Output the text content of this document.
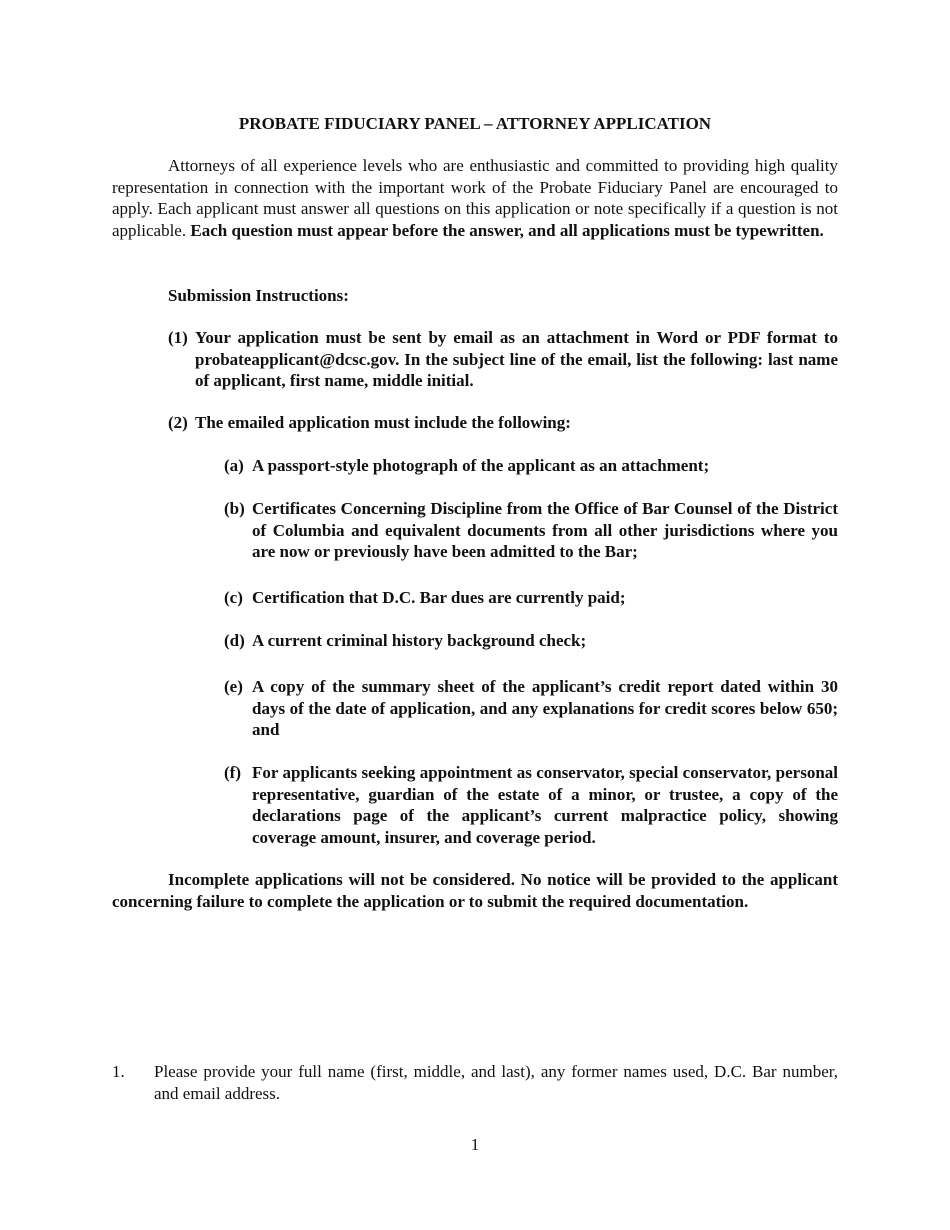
PROBATE FIDUCIARY PANEL – ATTORNEY APPLICATION

Attorneys of all experience levels who are enthusiastic and committed to providing high quality representation in connection with the important work of the Probate Fiduciary Panel are encouraged to apply. Each applicant must answer all questions on this application or note specifically if a question is not applicable. Each question must appear before the answer, and all applications must be typewritten.

Submission Instructions:
(1) Your application must be sent by email as an attachment in Word or PDF format to probateapplicant@dcsc.gov. In the subject line of the email, list the following: last name of applicant, first name, middle initial.
(2) The emailed application must include the following:
(a) A passport-style photograph of the applicant as an attachment;
(b) Certificates Concerning Discipline from the Office of Bar Counsel of the District of Columbia and equivalent documents from all other jurisdictions where you are now or previously have been admitted to the Bar;
(c) Certification that D.C. Bar dues are currently paid;
(d) A current criminal history background check;
(e) A copy of the summary sheet of the applicant’s credit report dated within 30 days of the date of application, and any explanations for credit scores below 650; and
(f) For applicants seeking appointment as conservator, special conservator, personal representative, guardian of the estate of a minor, or trustee, a copy of the declarations page of the applicant’s current malpractice policy, showing coverage amount, insurer, and coverage period.

Incomplete applications will not be considered. No notice will be provided to the applicant concerning failure to complete the application or to submit the required documentation.

1.	Please provide your full name (first, middle, and last), any former names used, D.C. Bar number, and email address.
1
